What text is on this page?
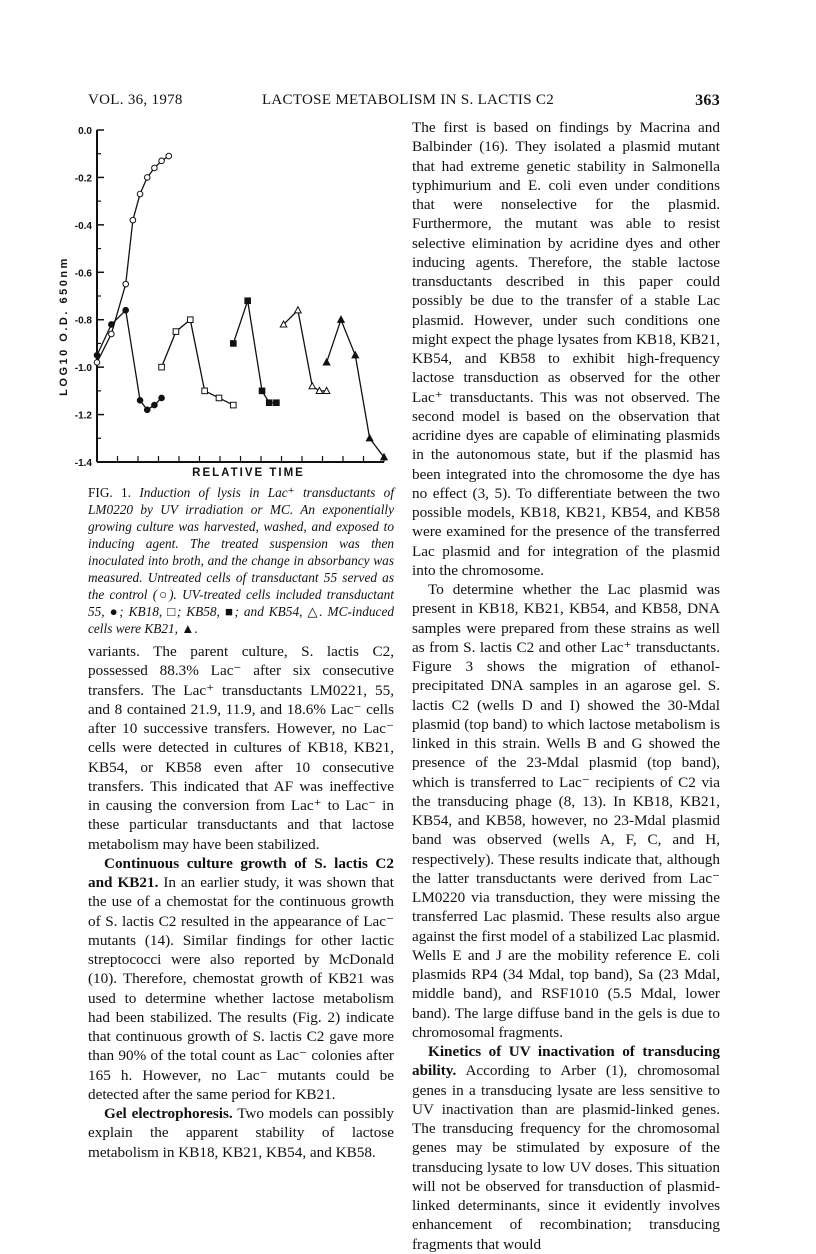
VOL. 36, 1978	LACTOSE METABOLISM IN S. LACTIS C2	363
0.0
-0.2
-0.4
-0.6
-0.8
-1.0
-1.2
-1.4
RELATIVE TIME
LOG10 O.D. 650nm
FIG. 1. Induction of lysis in Lac⁺ transductants of LM0220 by UV irradiation or MC. An exponentially growing culture was harvested, washed, and exposed to inducing agent. The treated suspension was then inoculated into broth, and the change in absorbancy was measured. Untreated cells of transductant 55 served as the control (○). UV-treated cells included transductant 55, ●; KB18, □; KB58, ■; and KB54, △. MC-induced cells were KB21, ▲.

variants. The parent culture, S. lactis C2, possessed 88.3% Lac⁻ after six consecutive transfers. The Lac⁺ transductants LM0221, 55, and 8 contained 21.9, 11.9, and 18.6% Lac⁻ cells after 10 successive transfers. However, no Lac⁻ cells were detected in cultures of KB18, KB21, KB54, or KB58 even after 10 consecutive transfers. This indicated that AF was ineffective in causing the conversion from Lac⁺ to Lac⁻ in these particular transductants and that lactose metabolism may have been stabilized.

Continuous culture growth of S. lactis C2 and KB21. In an earlier study, it was shown that the use of a chemostat for the continuous growth of S. lactis C2 resulted in the appearance of Lac⁻ mutants (14). Similar findings for other lactic streptococci were also reported by McDonald (10). Therefore, chemostat growth of KB21 was used to determine whether lactose metabolism had been stabilized. The results (Fig. 2) indicate that continuous growth of S. lactis C2 gave more than 90% of the total count as Lac⁻ colonies after 165 h. However, no Lac⁻ mutants could be detected after the same period for KB21.

Gel electrophoresis. Two models can possibly explain the apparent stability of lactose metabolism in KB18, KB21, KB54, and KB58.

The first is based on findings by Macrina and Balbinder (16). They isolated a plasmid mutant that had extreme genetic stability in Salmonella typhimurium and E. coli even under conditions that were nonselective for the plasmid. Furthermore, the mutant was able to resist selective elimination by acridine dyes and other inducing agents. Therefore, the stable lactose transductants described in this paper could possibly be due to the transfer of a stable Lac plasmid. However, under such conditions one might expect the phage lysates from KB18, KB21, KB54, and KB58 to exhibit high-frequency lactose transduction as observed for the other Lac⁺ transductants. This was not observed. The second model is based on the observation that acridine dyes are capable of eliminating plasmids in the autonomous state, but if the plasmid has been integrated into the chromosome the dye has no effect (3, 5). To differentiate between the two possible models, KB18, KB21, KB54, and KB58 were examined for the presence of the transferred Lac plasmid and for integration of the plasmid into the chromosome.

To determine whether the Lac plasmid was present in KB18, KB21, KB54, and KB58, DNA samples were prepared from these strains as well as from S. lactis C2 and other Lac⁺ transductants. Figure 3 shows the migration of ethanol-precipitated DNA samples in an agarose gel. S. lactis C2 (wells D and I) showed the 30-Mdal plasmid (top band) to which lactose metabolism is linked in this strain. Wells B and G showed the presence of the 23-Mdal plasmid (top band), which is transferred to Lac⁻ recipients of C2 via the transducing phage (8, 13). In KB18, KB21, KB54, and KB58, however, no 23-Mdal plasmid band was observed (wells A, F, C, and H, respectively). These results indicate that, although the latter transductants were derived from Lac⁻ LM0220 via transduction, they were missing the transferred Lac plasmid. These results also argue against the first model of a stabilized Lac plasmid. Wells E and J are the mobility reference E. coli plasmids RP4 (34 Mdal, top band), Sa (23 Mdal, middle band), and RSF1010 (5.5 Mdal, lower band). The large diffuse band in the gels is due to chromosomal fragments.

Kinetics of UV inactivation of transducing ability. According to Arber (1), chromosomal genes in a transducing lysate are less sensitive to UV inactivation than are plasmid-linked genes. The transducing frequency for the chromosomal genes may be stimulated by exposure of the transducing lysate to low UV doses. This situation will not be observed for transduction of plasmid-linked determinants, since it evidently involves enhancement of recombination; transducing fragments that would
